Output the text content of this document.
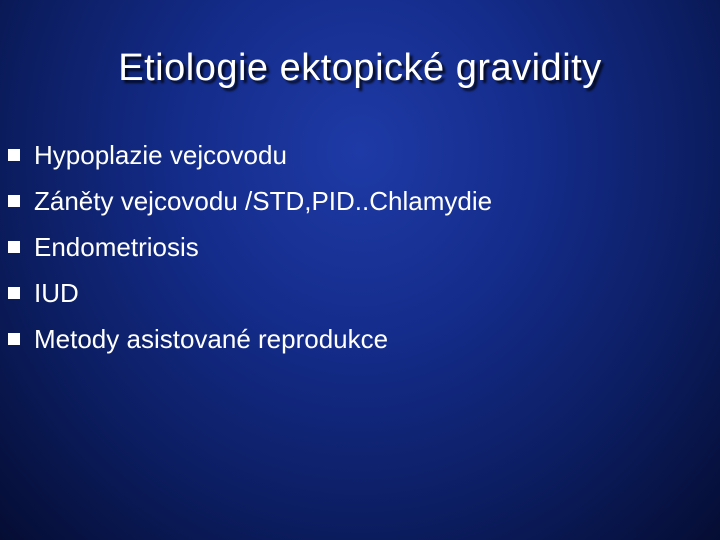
Etiologie ektopické gravidity
Hypoplazie vejcovodu
Záněty vejcovodu /STD,PID..Chlamydie
Endometriosis
IUD
Metody asistované reprodukce
